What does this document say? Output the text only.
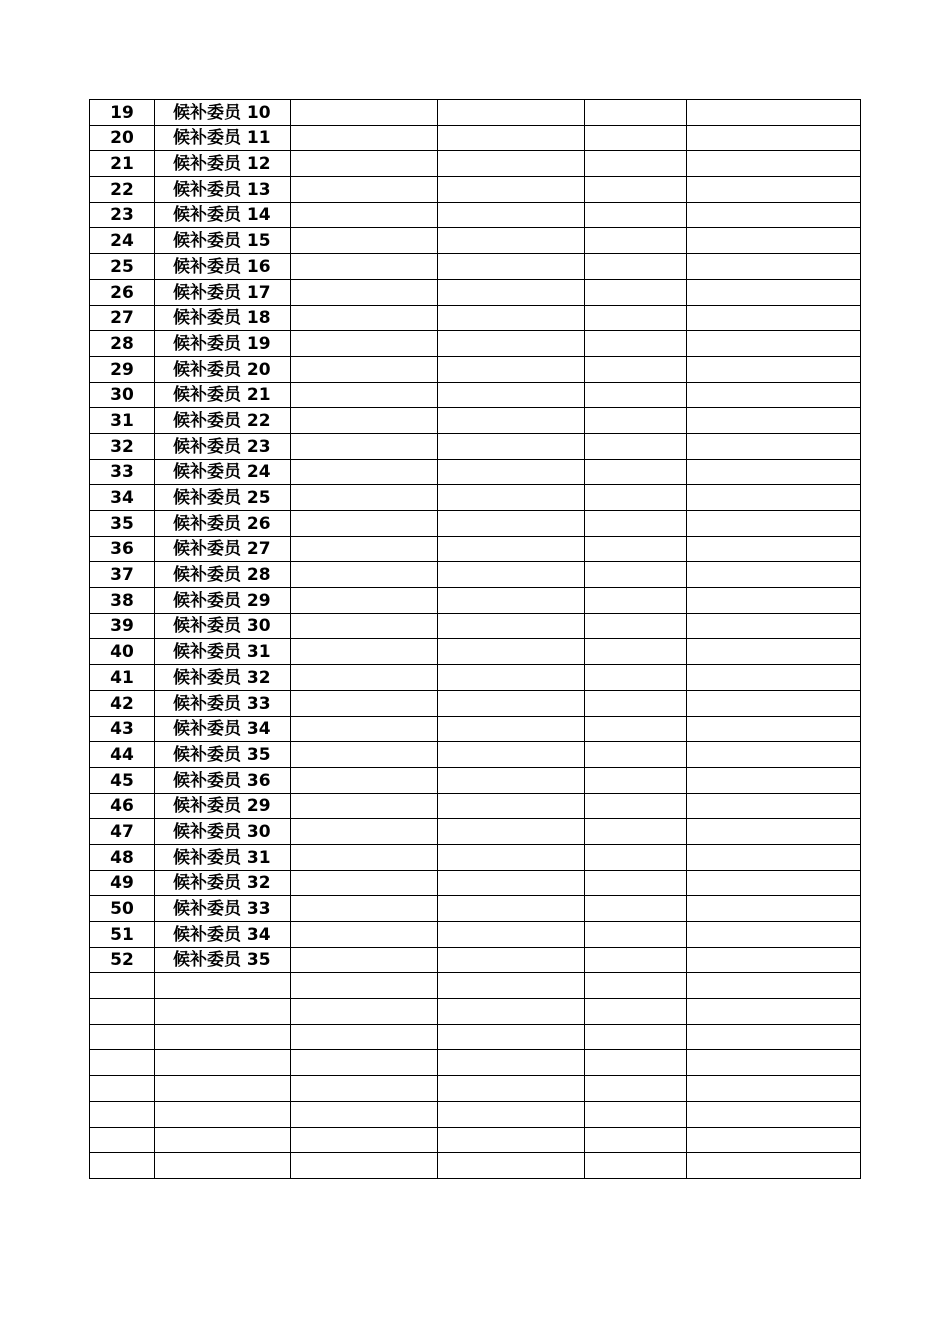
19	候补委员 10				
20	候补委员 11				
21	候补委员 12				
22	候补委员 13				
23	候补委员 14				
24	候补委员 15				
25	候补委员 16				
26	候补委员 17				
27	候补委员 18				
28	候补委员 19				
29	候补委员 20				
30	候补委员 21				
31	候补委员 22				
32	候补委员 23				
33	候补委员 24				
34	候补委员 25				
35	候补委员 26				
36	候补委员 27				
37	候补委员 28				
38	候补委员 29				
39	候补委员 30				
40	候补委员 31				
41	候补委员 32				
42	候补委员 33				
43	候补委员 34				
44	候补委员 35				
45	候补委员 36				
46	候补委员 29				
47	候补委员 30				
48	候补委员 31				
49	候补委员 32				
50	候补委员 33				
51	候补委员 34				
52	候补委员 35				
